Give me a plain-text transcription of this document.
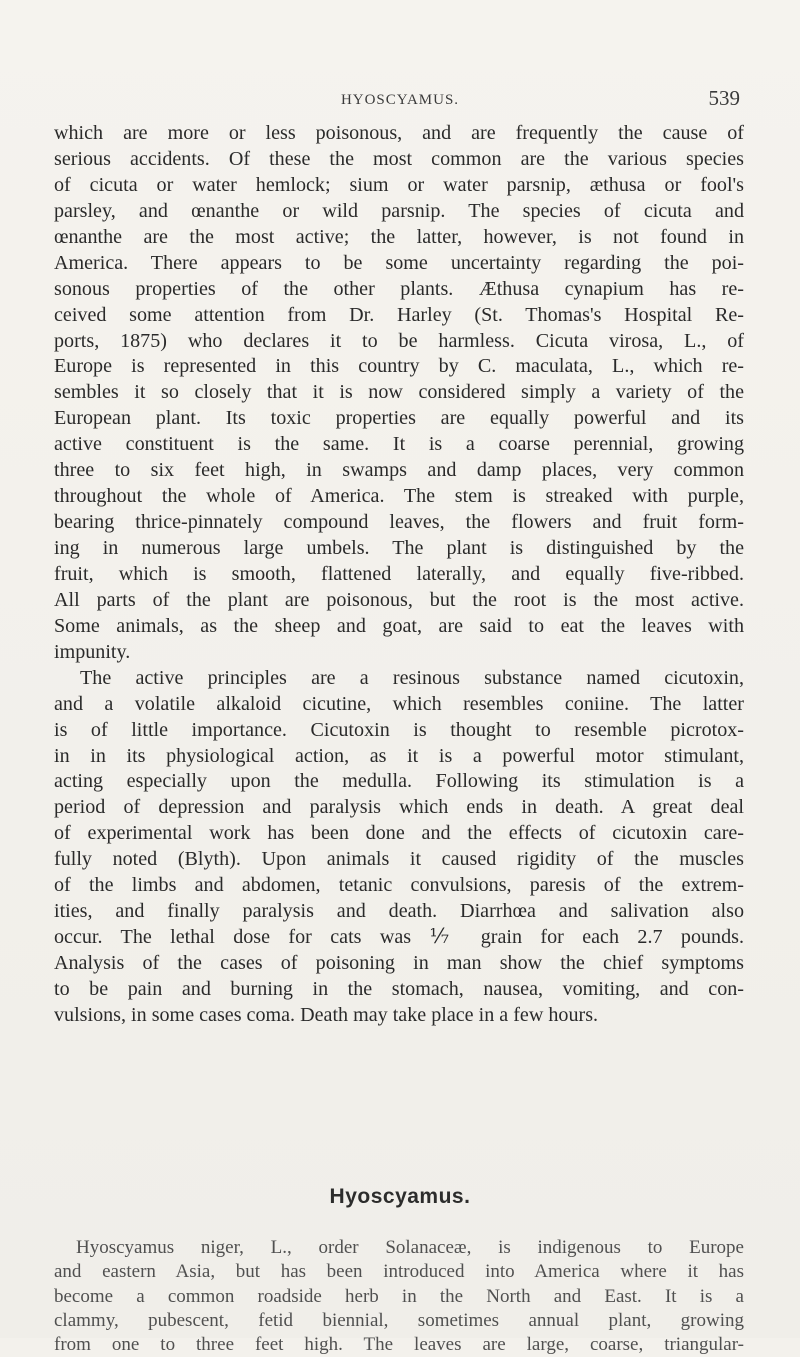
HYOSCYAMUS.	539
which are more or less poisonous, and are frequently the cause of
serious accidents. Of these the most common are the various species
of cicuta or water hemlock; sium or water parsnip, æthusa or fool's
parsley, and œnanthe or wild parsnip. The species of cicuta and
œnanthe are the most active; the latter, however, is not found in
America. There appears to be some uncertainty regarding the poi-
sonous properties of the other plants. Æthusa cynapium has re-
ceived some attention from Dr. Harley (St. Thomas's Hospital Re-
ports, 1875) who declares it to be harmless. Cicuta virosa, L., of
Europe is represented in this country by C. maculata, L., which re-
sembles it so closely that it is now considered simply a variety of the
European plant. Its toxic properties are equally powerful and its
active constituent is the same. It is a coarse perennial, growing
three to six feet high, in swamps and damp places, very common
throughout the whole of America. The stem is streaked with purple,
bearing thrice-pinnately compound leaves, the flowers and fruit form-
ing in numerous large umbels. The plant is distinguished by the
fruit, which is smooth, flattened laterally, and equally five-ribbed.
All parts of the plant are poisonous, but the root is the most active.
Some animals, as the sheep and goat, are said to eat the leaves with
impunity.
The active principles are a resinous substance named cicutoxin,
and a volatile alkaloid cicutine, which resembles coniine. The latter
is of little importance. Cicutoxin is thought to resemble picrotox-
in in its physiological action, as it is a powerful motor stimulant,
acting especially upon the medulla. Following its stimulation is a
period of depression and paralysis which ends in death. A great deal
of experimental work has been done and the effects of cicutoxin care-
fully noted (Blyth). Upon animals it caused rigidity of the muscles
of the limbs and abdomen, tetanic convulsions, paresis of the extrem-
ities, and finally paralysis and death. Diarrhœa and salivation also
occur. The lethal dose for cats was ⅐ grain for each 2.7 pounds.
Analysis of the cases of poisoning in man show the chief symptoms
to be pain and burning in the stomach, nausea, vomiting, and con-
vulsions, in some cases coma. Death may take place in a few hours.
Hyoscyamus.
Hyoscyamus niger, L., order Solanaceæ, is indigenous to Europe
and eastern Asia, but has been introduced into America where it has
become a common roadside herb in the North and East. It is a
clammy, pubescent, fetid biennial, sometimes annual plant, growing
from one to three feet high. The leaves are large, coarse, triangular-
